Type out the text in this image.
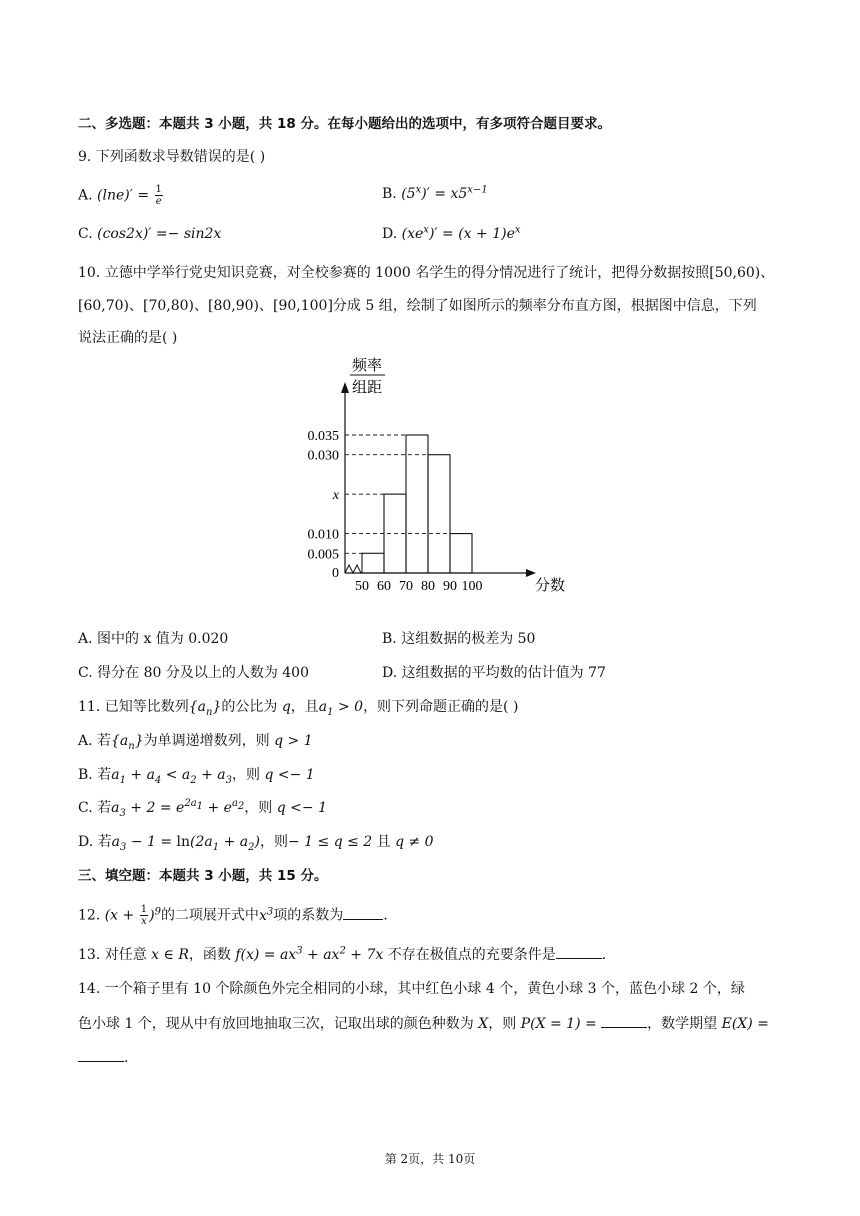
二、多选题：本题共 3 小题，共 18 分。在每小题给出的选项中，有多项符合题目要求。
9. 下列函数求导数错误的是( )
A. $(\ln e)' = \frac{1}{e}$	B. $(5^x)' = x5^{x-1}$
C. (cos2x)′ =− sin2x	D. $(xe^x)' = (x + 1)e^x$
10. 立德中学举行党史知识竞赛，对全校参赛的 1000 名学生的得分情况进行了统计，把得分数据按照[50,60)、
[60,70)、[70,80)、[80,90)、[90,100]分成 5 组，绘制了如图所示的频率分布直方图，根据图中信息，下列
说法正确的是( )
频率
组距
0
0.005
0.010
x
0.030
0.035
50 60 70 80 90 100	分数
A. 图中的 x 值为 0.020	B. 这组数据的极差为 50
C. 得分在 80 分及以上的人数为 400	D. 这组数据的平均数的估计值为 77
11. 已知等比数列$\{a_n\}$的公比为 q，且$a_1 > 0$，则下列命题正确的是( )
A. 若$\{a_n\}$为单调递增数列，则 q > 1
B. 若$a_1 + a_4 < a_2 + a_3$，则 q <− 1
C. 若$a_3 + 2 = e^{2a_1} + e^{a_2}$，则 q <− 1
D. 若$a_3 - 1 = \ln(2a_1 + a_2)$，则− 1 ≤ q ≤ 2 且 q ≠ 0
三、填空题：本题共 3 小题，共 15 分。
12. $(x + \frac{1}{x} )^9$的二项展开式中$x^3$项的系数为	.
13. 对任意 x ∈ R，函数 $f(x) = ax^3 + ax^2 + 7x$ 不存在极值点的充要条件是	.
14. 一个箱子里有 10 个除颜色外完全相同的小球，其中红色小球 4 个，黄色小球 3 个，蓝色小球 2 个，绿
色小球 1 个，现从中有放回地抽取三次，记取出球的颜色种数为 X，则 P(X = 1) =	，数学期望 E(X) =
.
第 2页，共 10页
